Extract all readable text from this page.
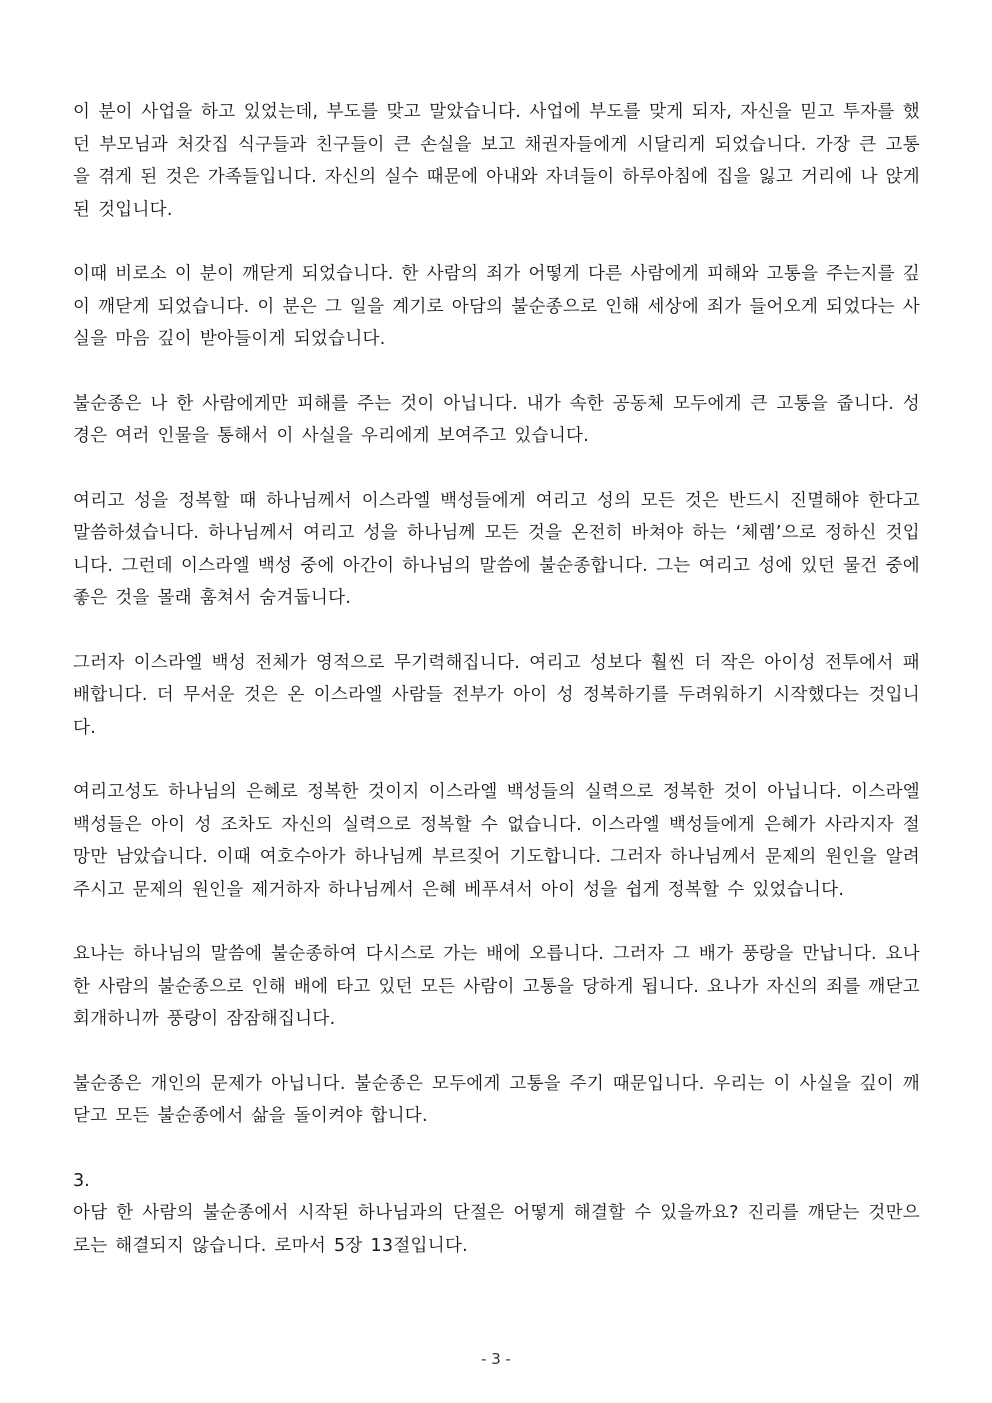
이 분이 사업을 하고 있었는데, 부도를 맞고 말았습니다. 사업에 부도를 맞게 되자, 자신을 믿고 투자를 했던 부모님과 처갓집 식구들과 친구들이 큰 손실을 보고 채권자들에게 시달리게 되었습니다. 가장 큰 고통을 겪게 된 것은 가족들입니다. 자신의 실수 때문에 아내와 자녀들이 하루아침에 집을 잃고 거리에 나 앉게 된 것입니다.

이때 비로소 이 분이 깨닫게 되었습니다. 한 사람의 죄가 어떻게 다른 사람에게 피해와 고통을 주는지를 깊이 깨닫게 되었습니다. 이 분은 그 일을 계기로 아담의 불순종으로 인해 세상에 죄가 들어오게 되었다는 사실을 마음 깊이 받아들이게 되었습니다.

불순종은 나 한 사람에게만 피해를 주는 것이 아닙니다. 내가 속한 공동체 모두에게 큰 고통을 줍니다. 성경은 여러 인물을 통해서 이 사실을 우리에게 보여주고 있습니다.

여리고 성을 정복할 때 하나님께서 이스라엘 백성들에게 여리고 성의 모든 것은 반드시 진멸해야 한다고 말씀하셨습니다. 하나님께서 여리고 성을 하나님께 모든 것을 온전히 바쳐야 하는 ‘체렘’으로 정하신 것입니다. 그런데 이스라엘 백성 중에 아간이 하나님의 말씀에 불순종합니다. 그는 여리고 성에 있던 물건 중에 좋은 것을 몰래 훔쳐서 숨겨둡니다.

그러자 이스라엘 백성 전체가 영적으로 무기력해집니다. 여리고 성보다 훨씬 더 작은 아이성 전투에서 패배합니다. 더 무서운 것은 온 이스라엘 사람들 전부가 아이 성 정복하기를 두려워하기 시작했다는 것입니다.

여리고성도 하나님의 은혜로 정복한 것이지 이스라엘 백성들의 실력으로 정복한 것이 아닙니다. 이스라엘 백성들은 아이 성 조차도 자신의 실력으로 정복할 수 없습니다. 이스라엘 백성들에게 은혜가 사라지자 절망만 남았습니다. 이때 여호수아가 하나님께 부르짖어 기도합니다. 그러자 하나님께서 문제의 원인을 알려주시고 문제의 원인을 제거하자 하나님께서 은혜 베푸셔서 아이 성을 쉽게 정복할 수 있었습니다.

요나는 하나님의 말씀에 불순종하여 다시스로 가는 배에 오릅니다. 그러자 그 배가 풍랑을 만납니다. 요나 한 사람의 불순종으로 인해 배에 타고 있던 모든 사람이 고통을 당하게 됩니다. 요나가 자신의 죄를 깨닫고 회개하니까 풍랑이 잠잠해집니다.

불순종은 개인의 문제가 아닙니다. 불순종은 모두에게 고통을 주기 때문입니다. 우리는 이 사실을 깊이 깨닫고 모든 불순종에서 삶을 돌이켜야 합니다.

3.

아담 한 사람의 불순종에서 시작된 하나님과의 단절은 어떻게 해결할 수 있을까요? 진리를 깨닫는 것만으로는 해결되지 않습니다. 로마서 5장 13절입니다.

- 3 -
